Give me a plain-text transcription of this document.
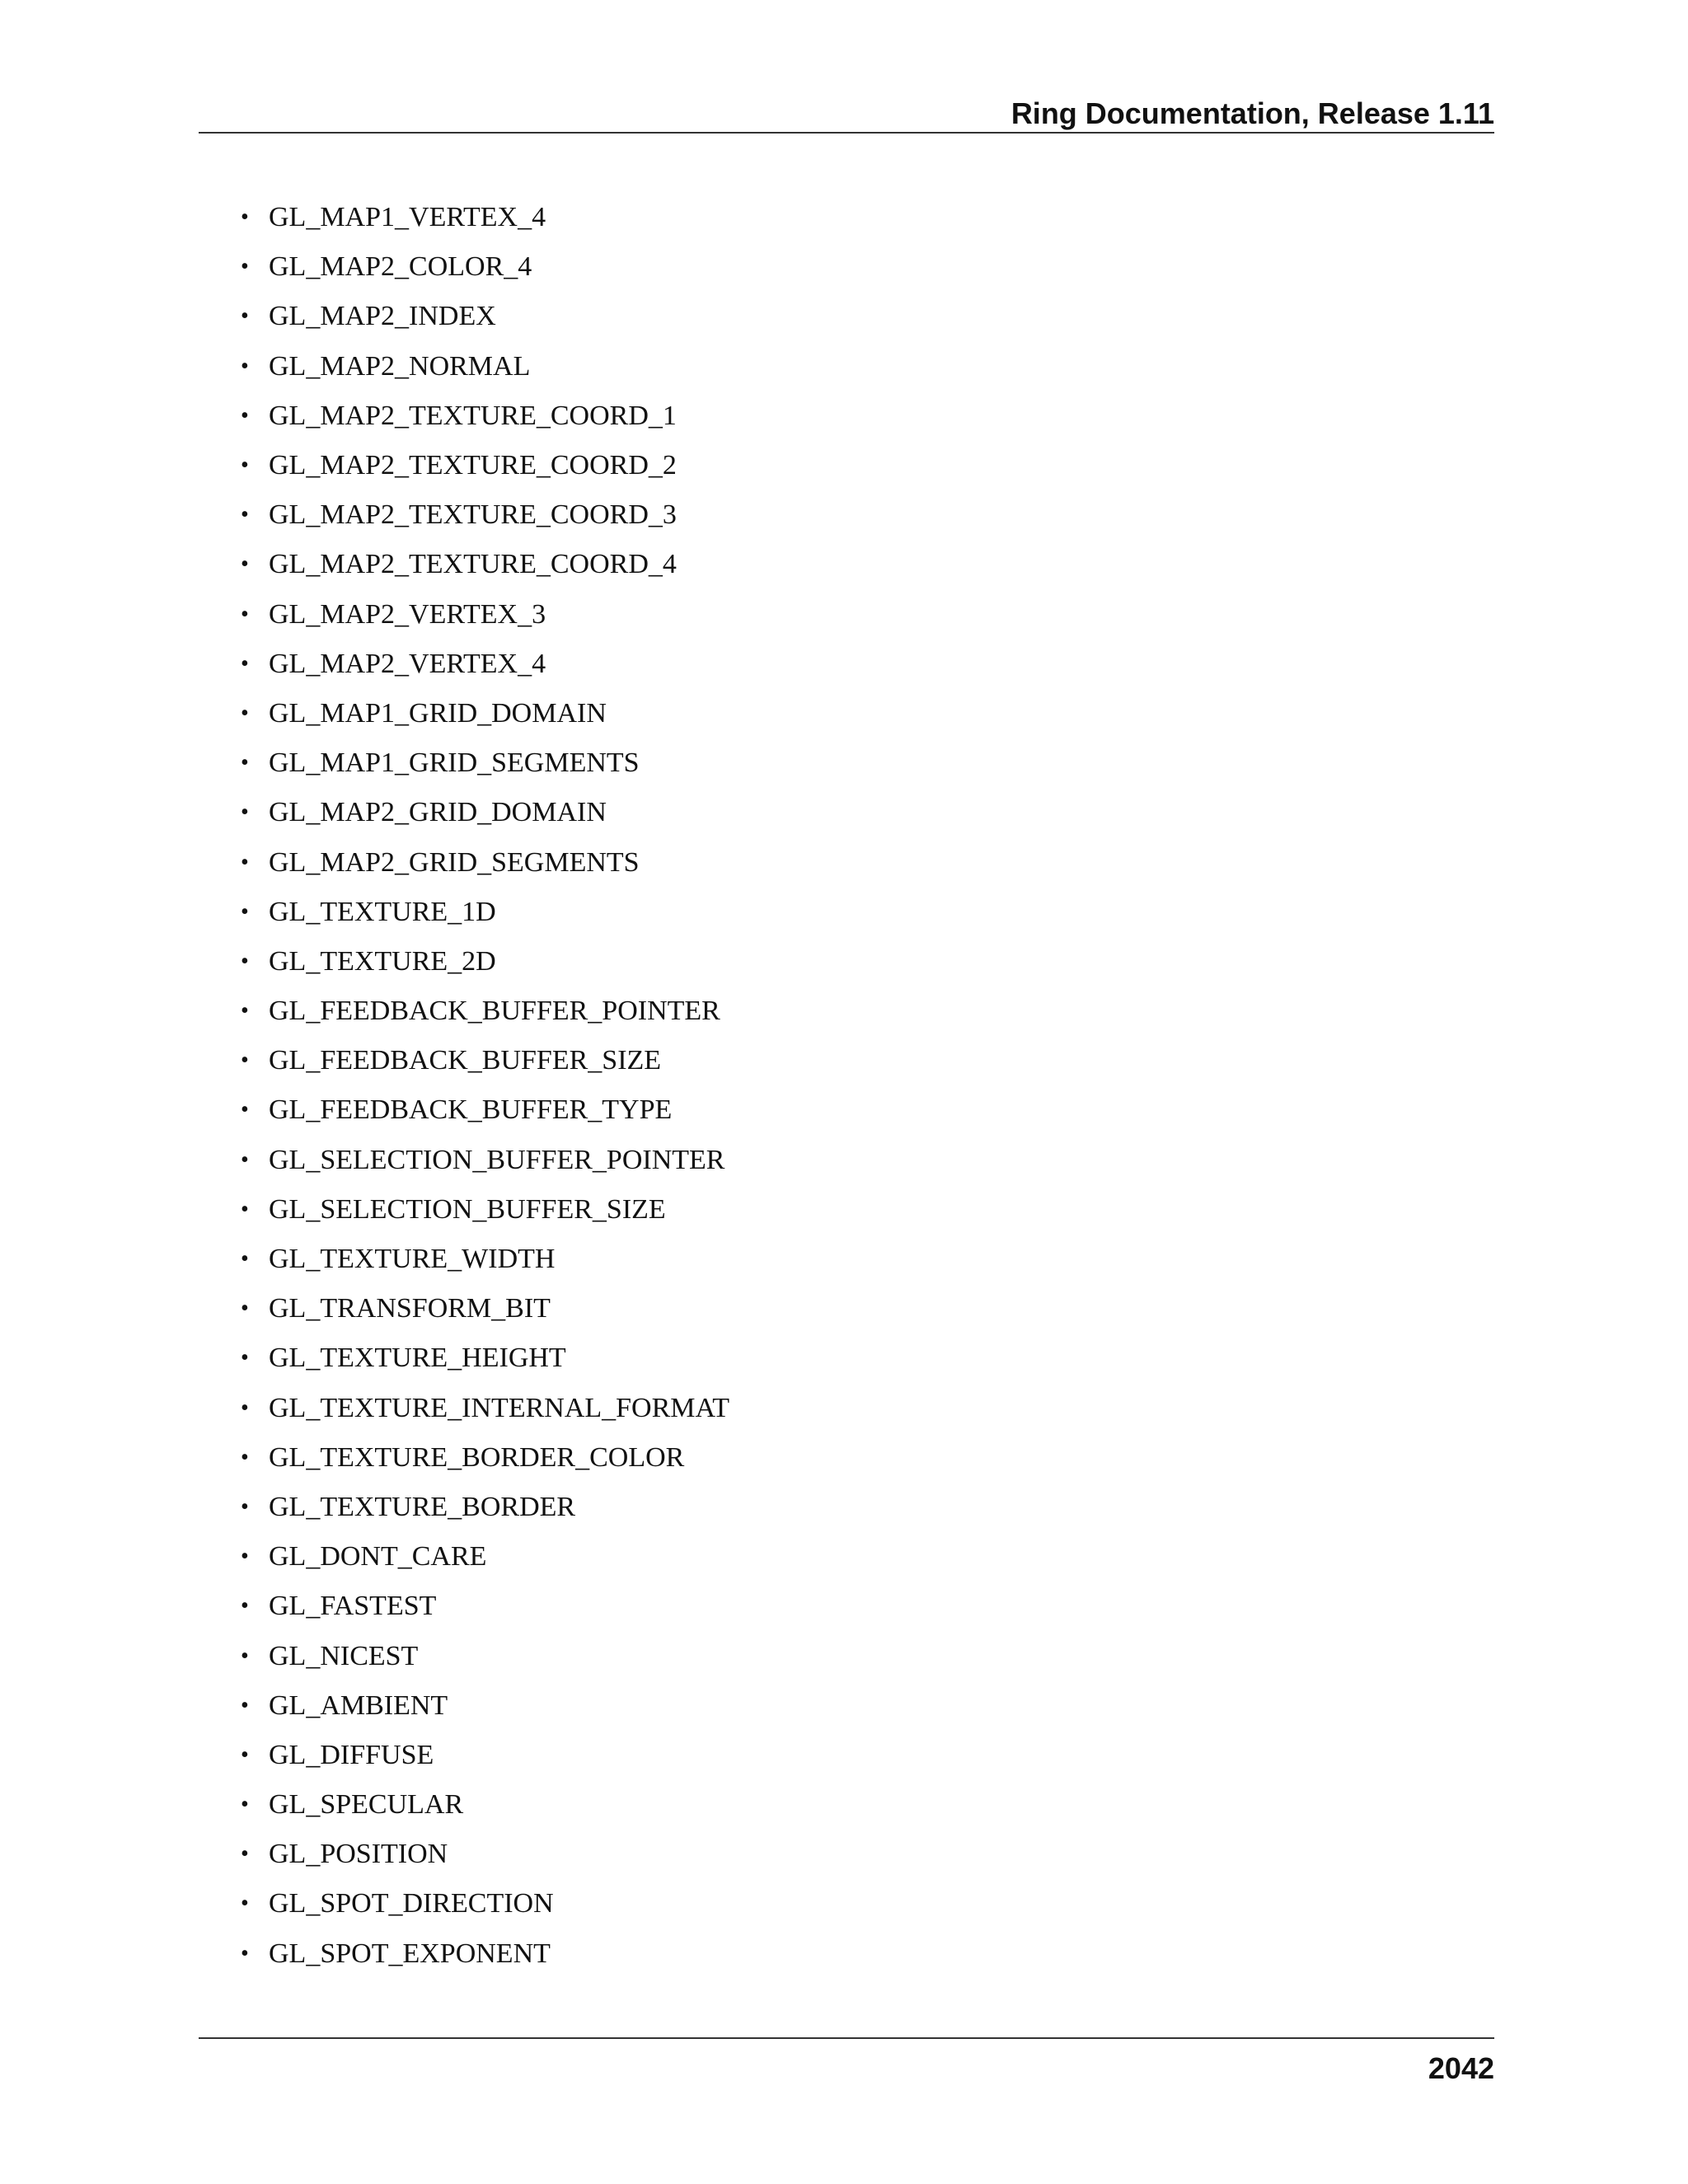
Ring Documentation, Release 1.11
• GL_MAP1_VERTEX_4
• GL_MAP2_COLOR_4
• GL_MAP2_INDEX
• GL_MAP2_NORMAL
• GL_MAP2_TEXTURE_COORD_1
• GL_MAP2_TEXTURE_COORD_2
• GL_MAP2_TEXTURE_COORD_3
• GL_MAP2_TEXTURE_COORD_4
• GL_MAP2_VERTEX_3
• GL_MAP2_VERTEX_4
• GL_MAP1_GRID_DOMAIN
• GL_MAP1_GRID_SEGMENTS
• GL_MAP2_GRID_DOMAIN
• GL_MAP2_GRID_SEGMENTS
• GL_TEXTURE_1D
• GL_TEXTURE_2D
• GL_FEEDBACK_BUFFER_POINTER
• GL_FEEDBACK_BUFFER_SIZE
• GL_FEEDBACK_BUFFER_TYPE
• GL_SELECTION_BUFFER_POINTER
• GL_SELECTION_BUFFER_SIZE
• GL_TEXTURE_WIDTH
• GL_TRANSFORM_BIT
• GL_TEXTURE_HEIGHT
• GL_TEXTURE_INTERNAL_FORMAT
• GL_TEXTURE_BORDER_COLOR
• GL_TEXTURE_BORDER
• GL_DONT_CARE
• GL_FASTEST
• GL_NICEST
• GL_AMBIENT
• GL_DIFFUSE
• GL_SPECULAR
• GL_POSITION
• GL_SPOT_DIRECTION
• GL_SPOT_EXPONENT
2042
